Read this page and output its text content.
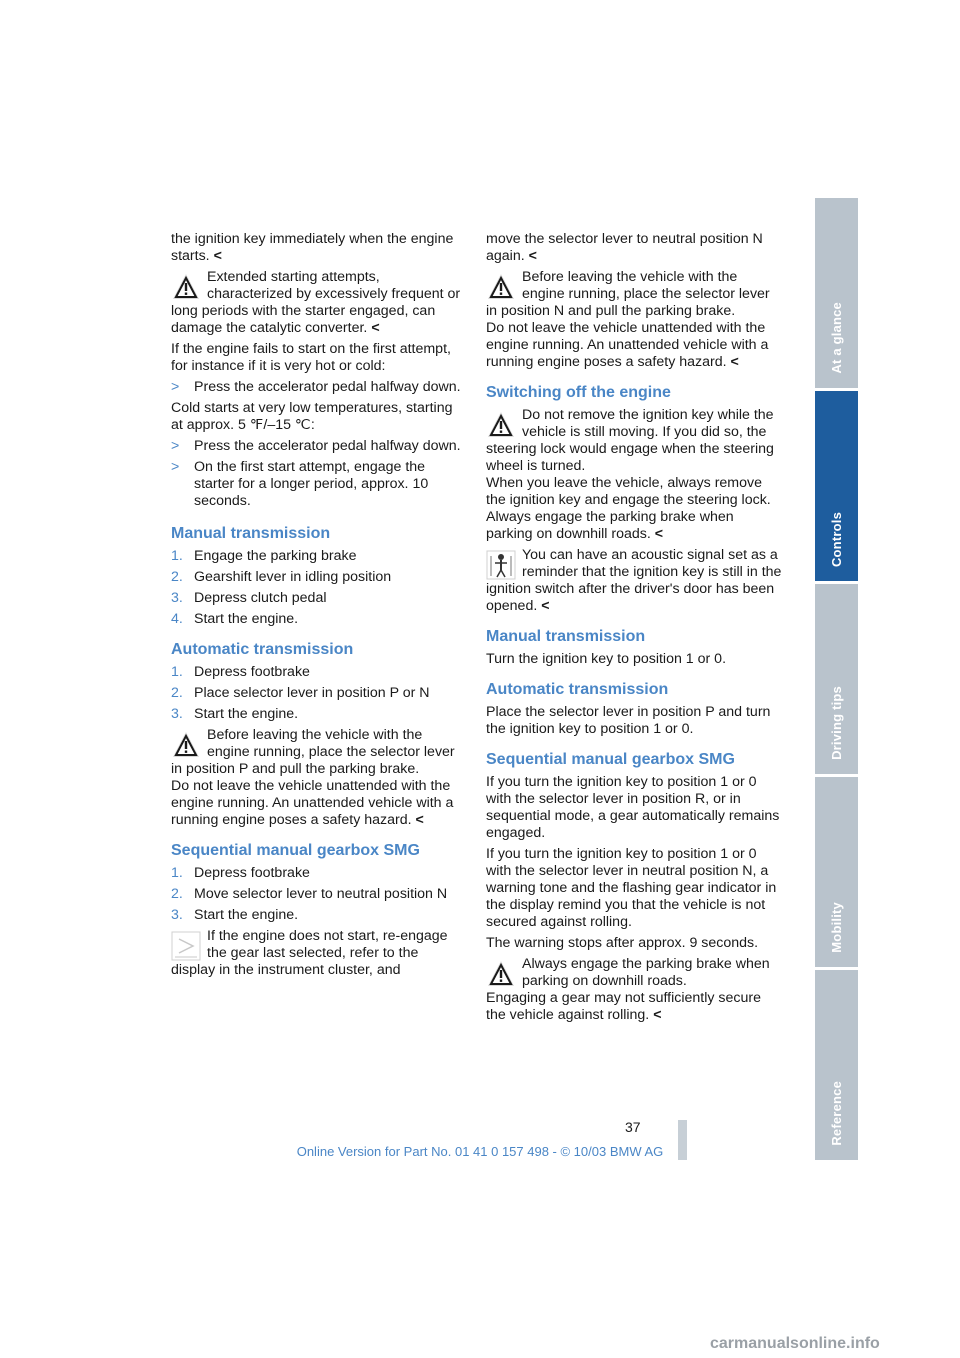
the ignition key immediately when the engine starts. <

Extended starting attempts, characterized by excessively frequent or long periods with the starter engaged, can damage the catalytic converter. <

If the engine fails to start on the first attempt, for instance if it is very hot or cold:

> Press the accelerator pedal halfway down.

Cold starts at very low temperatures, starting at approx. 5 ℉/–15 ℃:

> Press the accelerator pedal halfway down.
> On the first start attempt, engage the starter for a longer period, approx. 10 seconds.
Manual transmission
1. Engage the parking brake
2. Gearshift lever in idling position
3. Depress clutch pedal
4. Start the engine.
Automatic transmission
1. Depress footbrake
2. Place selector lever in position P or N
3. Start the engine.
Before leaving the vehicle with the engine running, place the selector lever in position P and pull the parking brake.
Do not leave the vehicle unattended with the engine running. An unattended vehicle with a running engine poses a safety hazard. <
Sequential manual gearbox SMG
1. Depress footbrake
2. Move selector lever to neutral position N
3. Start the engine.
If the engine does not start, re-engage the gear last selected, refer to the display in the instrument cluster, and

move the selector lever to neutral position N again. <

Before leaving the vehicle with the engine running, place the selector lever in position N and pull the parking brake.
Do not leave the vehicle unattended with the engine running. An unattended vehicle with a running engine poses a safety hazard. <
Switching off the engine
Do not remove the ignition key while the vehicle is still moving. If you did so, the steering lock would engage when the steering wheel is turned.
When you leave the vehicle, always remove the ignition key and engage the steering lock.
Always engage the parking brake when parking on downhill roads. <
You can have an acoustic signal set as a reminder that the ignition key is still in the ignition switch after the driver's door has been opened. <
Manual transmission

Turn the ignition key to position 1 or 0.

Automatic transmission

Place the selector lever in position P and turn the ignition key to position 1 or 0.

Sequential manual gearbox SMG

If you turn the ignition key to position 1 or 0 with the selector lever in position R, or in sequential mode, a gear automatically remains engaged.

If you turn the ignition key to position 1 or 0 with the selector lever in neutral position N, a warning tone and the flashing gear indicator in the display remind you that the vehicle is not secured against rolling.

The warning stops after approx. 9 seconds.

Always engage the parking brake when parking on downhill roads.
Engaging a gear may not sufficiently secure the vehicle against rolling. <
At a glance
Controls
Driving tips
Mobility
Reference
37
Online Version for Part No. 01 41 0 157 498 - © 10/03 BMW AG
carmanualsonline.info
